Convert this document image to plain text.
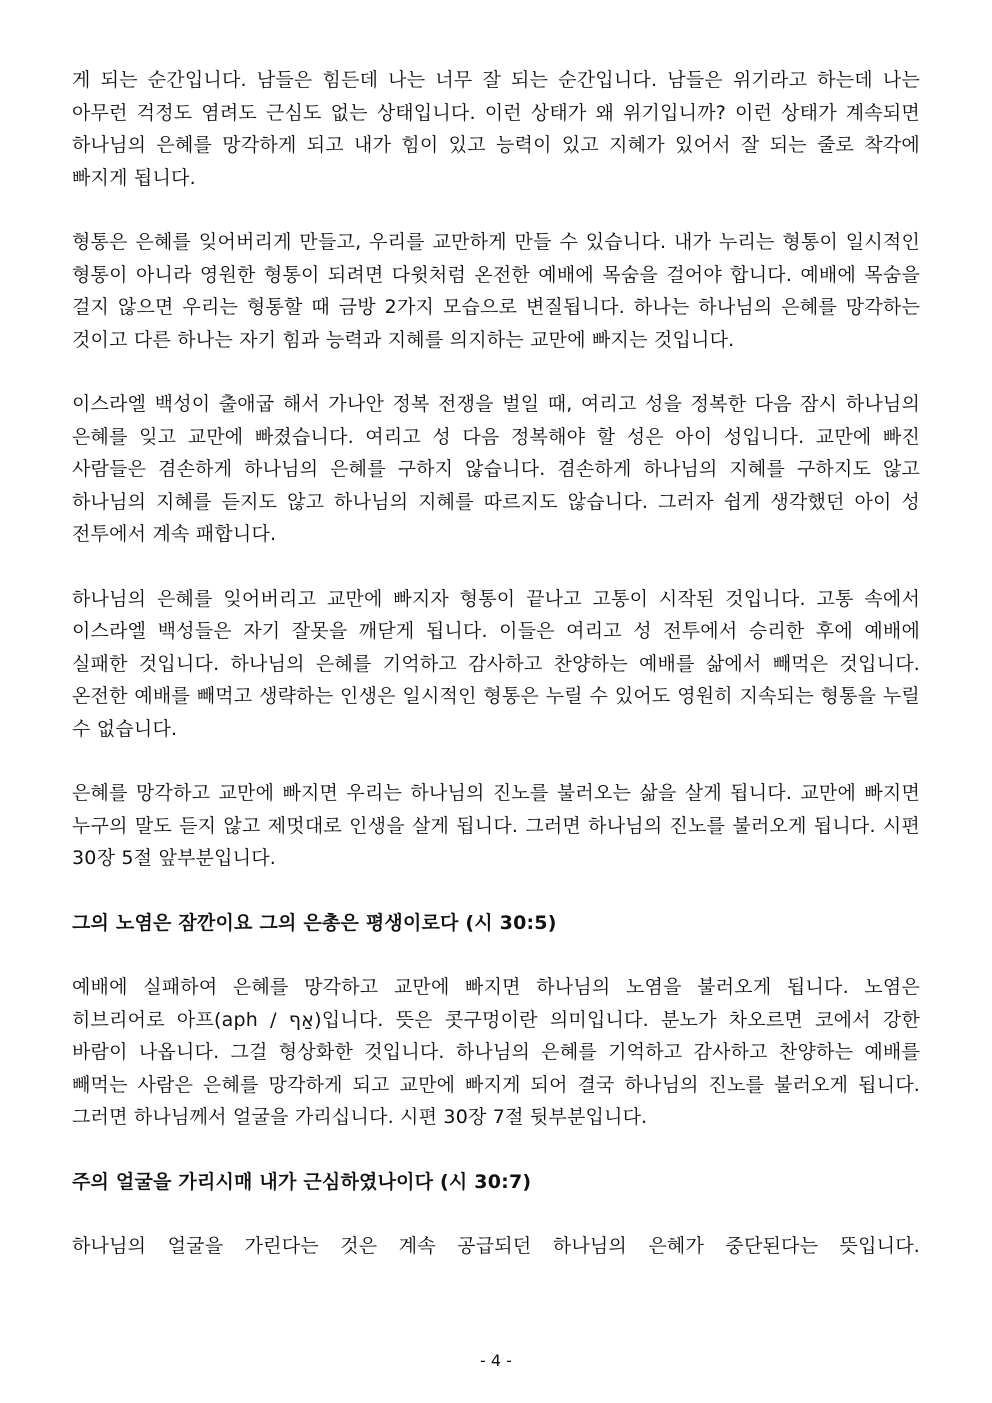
게 되는 순간입니다. 남들은 힘든데 나는 너무 잘 되는 순간입니다. 남들은 위기라고 하는데 나는 아무런 걱정도 염려도 근심도 없는 상태입니다. 이런 상태가 왜 위기입니까? 이런 상태가 계속되면 하나님의 은혜를 망각하게 되고 내가 힘이 있고 능력이 있고 지혜가 있어서 잘 되는 줄로 착각에 빠지게 됩니다.

형통은 은혜를 잊어버리게 만들고, 우리를 교만하게 만들 수 있습니다. 내가 누리는 형통이 일시적인 형통이 아니라 영원한 형통이 되려면 다윗처럼 온전한 예배에 목숨을 걸어야 합니다. 예배에 목숨을 걸지 않으면 우리는 형통할 때 금방 2가지 모습으로 변질됩니다. 하나는 하나님의 은혜를 망각하는 것이고 다른 하나는 자기 힘과 능력과 지혜를 의지하는 교만에 빠지는 것입니다.

이스라엘 백성이 출애굽 해서 가나안 정복 전쟁을 벌일 때, 여리고 성을 정복한 다음 잠시 하나님의 은혜를 잊고 교만에 빠졌습니다. 여리고 성 다음 정복해야 할 성은 아이 성입니다. 교만에 빠진 사람들은 겸손하게 하나님의 은혜를 구하지 않습니다. 겸손하게 하나님의 지혜를 구하지도 않고 하나님의 지혜를 듣지도 않고 하나님의 지혜를 따르지도 않습니다. 그러자 쉽게 생각했던 아이 성 전투에서 계속 패합니다.

하나님의 은혜를 잊어버리고 교만에 빠지자 형통이 끝나고 고통이 시작된 것입니다. 고통 속에서 이스라엘 백성들은 자기 잘못을 깨닫게 됩니다. 이들은 여리고 성 전투에서 승리한 후에 예배에 실패한 것입니다. 하나님의 은혜를 기억하고 감사하고 찬양하는 예배를 삶에서 빼먹은 것입니다. 온전한 예배를 빼먹고 생략하는 인생은 일시적인 형통은 누릴 수 있어도 영원히 지속되는 형통을 누릴 수 없습니다.

은혜를 망각하고 교만에 빠지면 우리는 하나님의 진노를 불러오는 삶을 살게 됩니다. 교만에 빠지면 누구의 말도 듣지 않고 제멋대로 인생을 살게 됩니다. 그러면 하나님의 진노를 불러오게 됩니다. 시편 30장 5절 앞부분입니다.

그의 노염은 잠깐이요 그의 은총은 평생이로다 (시 30:5)

예배에 실패하여 은혜를 망각하고 교만에 빠지면 하나님의 노염을 불러오게 됩니다. 노염은 히브리어로 아프(aph / אַף)입니다. 뜻은 콧구멍이란 의미입니다. 분노가 차오르면 코에서 강한 바람이 나옵니다. 그걸 형상화한 것입니다. 하나님의 은혜를 기억하고 감사하고 찬양하는 예배를 빼먹는 사람은 은혜를 망각하게 되고 교만에 빠지게 되어 결국 하나님의 진노를 불러오게 됩니다. 그러면 하나님께서 얼굴을 가리십니다. 시편 30장 7절 뒷부분입니다.

주의 얼굴을 가리시매 내가 근심하였나이다 (시 30:7)

하나님의 얼굴을 가린다는 것은 계속 공급되던 하나님의 은혜가 중단된다는 뜻입니다.

- 4 -
